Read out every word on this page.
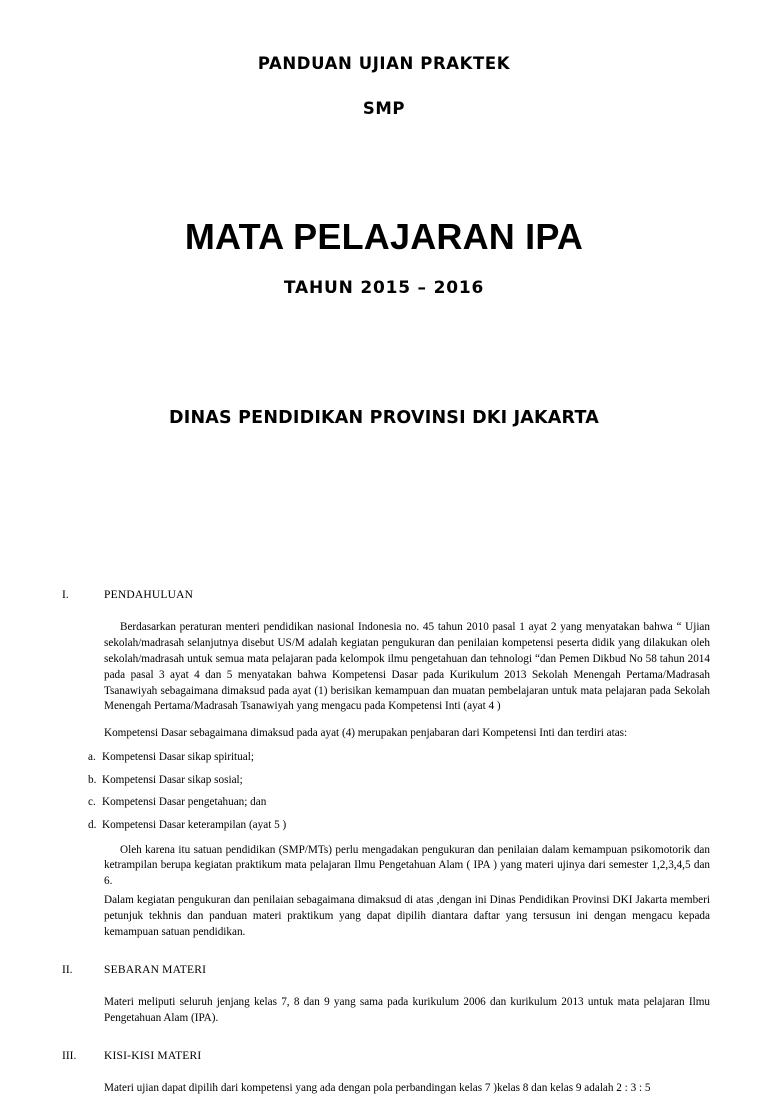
PANDUAN UJIAN PRAKTEK
SMP
MATA PELAJARAN IPA
TAHUN 2015 – 2016
DINAS PENDIDIKAN PROVINSI DKI JAKARTA
I.	PENDAHULUAN

Berdasarkan peraturan menteri pendidikan nasional Indonesia no. 45 tahun 2010 pasal 1 ayat 2 yang menyatakan bahwa “ Ujian sekolah/madrasah selanjutnya disebut US/M adalah kegiatan pengukuran dan penilaian kompetensi peserta didik yang dilakukan oleh sekolah/madrasah untuk semua mata pelajaran pada kelompok ilmu pengetahuan dan tehnologi “dan Pemen Dikbud No 58 tahun 2014 pada pasal 3 ayat 4 dan 5 menyatakan bahwa Kompetensi Dasar pada Kurikulum 2013 Sekolah Menengah Pertama/Madrasah Tsanawiyah sebagaimana dimaksud pada ayat (1) berisikan kemampuan dan muatan pembelajaran untuk mata pelajaran pada Sekolah Menengah Pertama/Madrasah Tsanawiyah yang mengacu pada Kompetensi Inti (ayat 4 )

Kompetensi Dasar sebagaimana dimaksud pada ayat (4) merupakan penjabaran dari Kompetensi Inti dan terdiri atas:

a. Kompetensi Dasar sikap spiritual;
b. Kompetensi Dasar sikap sosial;
c. Kompetensi Dasar pengetahuan; dan
d. Kompetensi Dasar keterampilan (ayat 5 )

Oleh karena itu satuan pendidikan (SMP/MTs) perlu mengadakan pengukuran dan penilaian dalam kemampuan psikomotorik dan ketrampilan berupa kegiatan praktikum mata pelajaran Ilmu Pengetahuan Alam ( IPA ) yang materi ujinya dari semester 1,2,3,4,5 dan 6.

Dalam kegiatan pengukuran dan penilaian sebagaimana dimaksud di atas ,dengan ini Dinas Pendidikan Provinsi DKI Jakarta memberi petunjuk tekhnis dan panduan materi praktikum yang dapat dipilih diantara daftar yang tersusun ini dengan mengacu kepada kemampuan satuan pendidikan.

II.	SEBARAN MATERI

Materi meliputi seluruh jenjang kelas 7, 8 dan 9 yang sama pada kurikulum 2006 dan kurikulum 2013 untuk mata pelajaran Ilmu Pengetahuan Alam (IPA).

III.	KISI-KISI MATERI

Materi ujian dapat dipilih dari kompetensi yang ada dengan pola perbandingan kelas 7 )kelas 8 dan kelas 9 adalah 2 : 3 : 5
